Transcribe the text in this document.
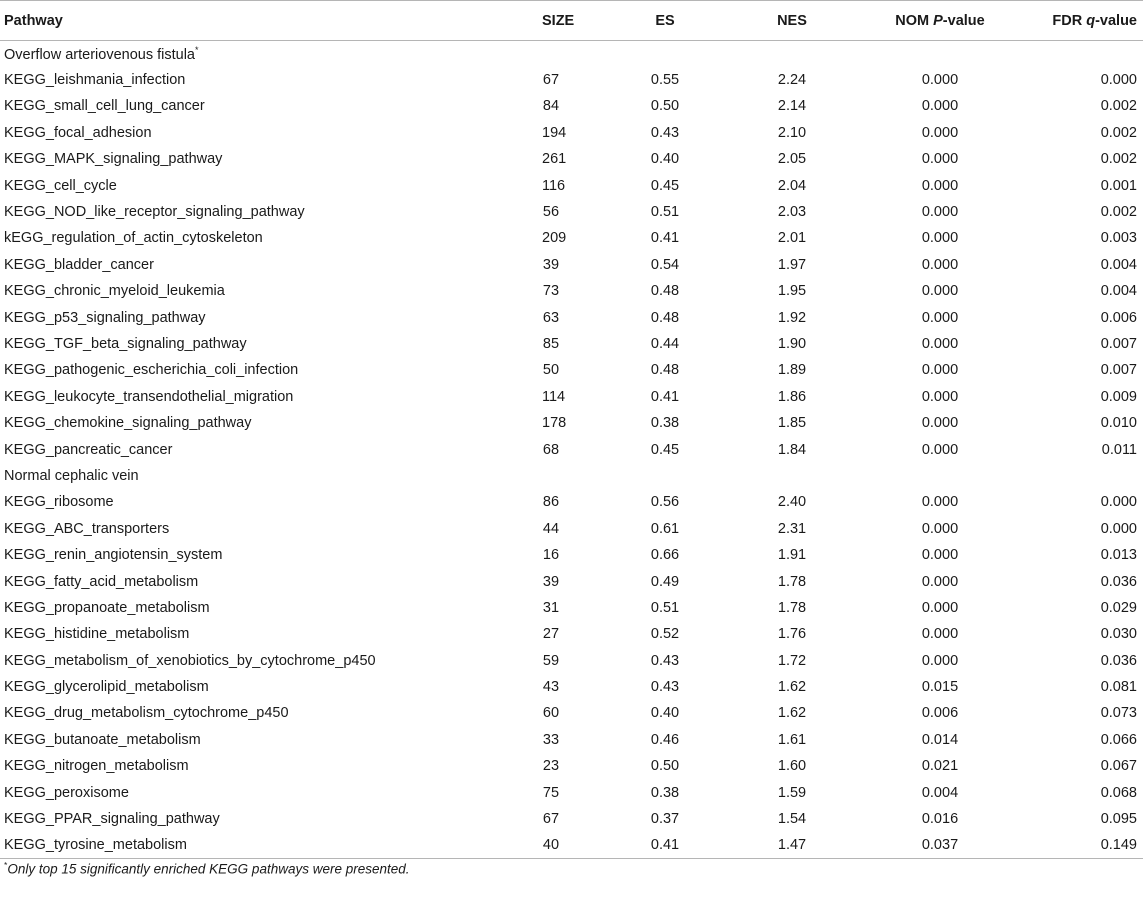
Pathway	SIZE	ES	NES	NOM P-value	FDR q-value
Overflow arteriovenous fistula*
KEGG_leishmania_infection	67	0.55	2.24	0.000	0.000
KEGG_small_cell_lung_cancer	84	0.50	2.14	0.000	0.002
KEGG_focal_adhesion	194	0.43	2.10	0.000	0.002
KEGG_MAPK_signaling_pathway	261	0.40	2.05	0.000	0.002
KEGG_cell_cycle	116	0.45	2.04	0.000	0.001
KEGG_NOD_like_receptor_signaling_pathway	56	0.51	2.03	0.000	0.002
kEGG_regulation_of_actin_cytoskeleton	209	0.41	2.01	0.000	0.003
KEGG_bladder_cancer	39	0.54	1.97	0.000	0.004
KEGG_chronic_myeloid_leukemia	73	0.48	1.95	0.000	0.004
KEGG_p53_signaling_pathway	63	0.48	1.92	0.000	0.006
KEGG_TGF_beta_signaling_pathway	85	0.44	1.90	0.000	0.007
KEGG_pathogenic_escherichia_coli_infection	50	0.48	1.89	0.000	0.007
KEGG_leukocyte_transendothelial_migration	114	0.41	1.86	0.000	0.009
KEGG_chemokine_signaling_pathway	178	0.38	1.85	0.000	0.010
KEGG_pancreatic_cancer	68	0.45	1.84	0.000	0.011
Normal cephalic vein					
KEGG_ribosome	86	0.56	2.40	0.000	0.000
KEGG_ABC_transporters	44	0.61	2.31	0.000	0.000
KEGG_renin_angiotensin_system	16	0.66	1.91	0.000	0.013
KEGG_fatty_acid_metabolism	39	0.49	1.78	0.000	0.036
KEGG_propanoate_metabolism	31	0.51	1.78	0.000	0.029
KEGG_histidine_metabolism	27	0.52	1.76	0.000	0.030
KEGG_metabolism_of_xenobiotics_by_cytochrome_p450	59	0.43	1.72	0.000	0.036
KEGG_glycerolipid_metabolism	43	0.43	1.62	0.015	0.081
KEGG_drug_metabolism_cytochrome_p450	60	0.40	1.62	0.006	0.073
KEGG_butanoate_metabolism	33	0.46	1.61	0.014	0.066
KEGG_nitrogen_metabolism	23	0.50	1.60	0.021	0.067
KEGG_peroxisome	75	0.38	1.59	0.004	0.068
KEGG_PPAR_signaling_pathway	67	0.37	1.54	0.016	0.095
KEGG_tyrosine_metabolism	40	0.41	1.47	0.037	0.149
*Only top 15 significantly enriched KEGG pathways were presented.
